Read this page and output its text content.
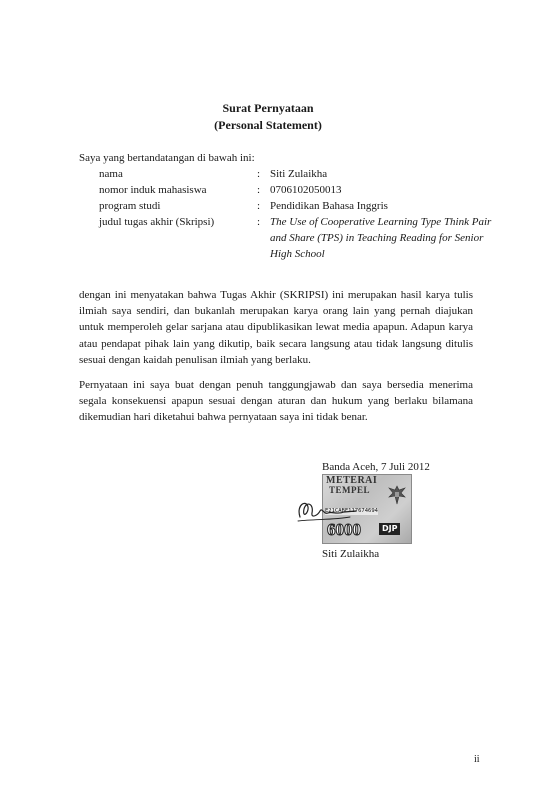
Surat Pernyataan
(Personal Statement)
Saya yang bertandatangan di bawah ini:
nama	: Siti Zulaikha
nomor induk mahasiswa	: 0706102050013
program studi	: Pendidikan Bahasa Inggris
judul tugas akhir (Skripsi)	: The Use of Cooperative Learning Type Think Pair and Share (TPS) in Teaching Reading for Senior High School
dengan ini menyatakan bahwa Tugas Akhir (SKRIPSI) ini merupakan hasil karya tulis ilmiah saya sendiri, dan bukanlah merupakan karya orang lain yang pernah diajukan untuk memperoleh gelar sarjana atau dipublikasikan lewat media apapun. Adapun karya atau pendapat pihak lain yang dikutip, baik secara langsung atau tidak langsung ditulis sesuai dengan kaidah penulisan ilmiah yang berlaku.
Pernyataan ini saya buat dengan penuh tanggungjawab dan saya bersedia menerima segala konsekuensi apapun sesuai dengan aturan dan hukum yang berlaku bilamana dikemudian hari diketahui bahwa pernyataan saya ini tidak benar.
Banda Aceh, 7 Juli 2012
METERAI
TEMPEL
E21CABF117674694
6000	DJP
Siti Zulaikha
ii
